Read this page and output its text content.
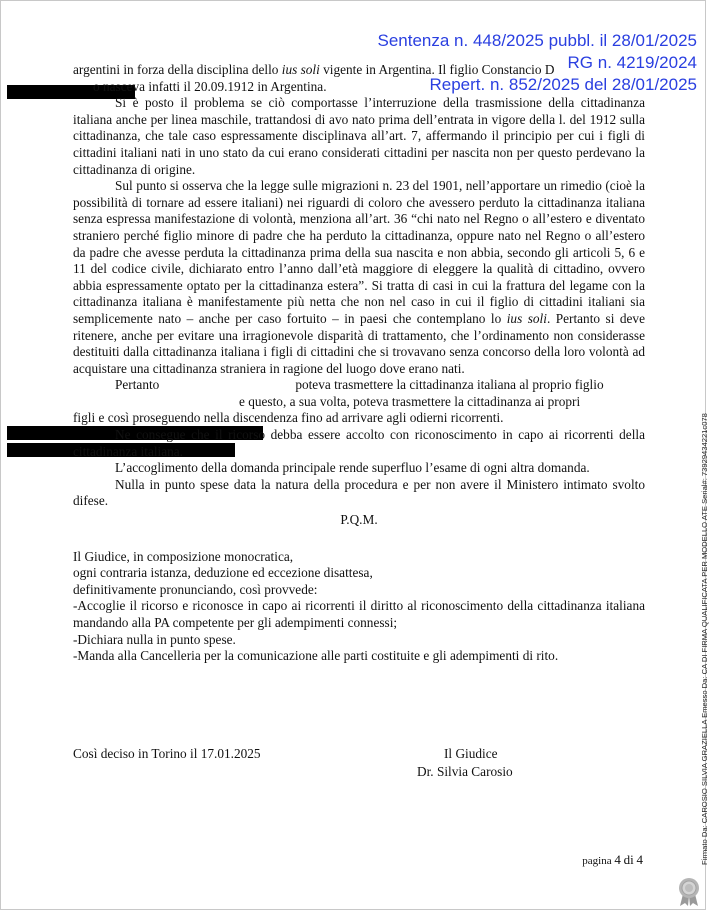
Sentenza n. 448/2025 pubbl. il 28/01/2025
RG n. 4219/2024
Repert. n. 852/2025 del 28/01/2025

argentini in forza della disciplina dello ius soli vigente in Argentina. Il figlio Constancio D
o nasceva infatti il 20.09.1912 in Argentina.

Si è posto il problema se ciò comportasse l’interruzione della trasmissione della cittadinanza italiana anche per linea maschile, trattandosi di avo nato prima dell’entrata in vigore della l. del 1912 sulla cittadinanza, che tale caso espressamente disciplinava all’art. 7, affermando il principio per cui i figli di cittadini italiani nati in uno stato da cui erano considerati cittadini per nascita non per questo perdevano la cittadinanza di origine.

Sul punto si osserva che la legge sulle migrazioni n. 23 del 1901, nell’apportare un rimedio (cioè la possibilità di tornare ad essere italiani) nei riguardi di coloro che avessero perduto la cittadinanza italiana senza espressa manifestazione di volontà, menziona all’art. 36 “chi nato nel Regno o all’estero e diventato straniero perché figlio minore di padre che ha perduto la cittadinanza, oppure nato nel Regno o all’estero da padre che avesse perduta la cittadinanza prima della sua nascita e non abbia, secondo gli articoli 5, 6 e 11 del codice civile, dichiarato entro l’anno dall’età maggiore di eleggere la qualità di cittadino, ovvero abbia espressamente optato per la cittadinanza estera”. Si tratta di casi in cui la frattura del legame con la cittadinanza italiana è manifestamente più netta che non nel caso in cui il figlio di cittadini italiani sia semplicemente nato – anche per caso fortuito – in paesi che contemplano lo ius soli. Pertanto si deve ritenere, anche per evitare una irragionevole disparità di trattamento, che l’ordinamento non considerasse destituiti dalla cittadinanza italiana i figli di cittadini che si trovavano senza concorso della loro volontà ad acquistare una cittadinanza straniera in ragione del luogo dove erano nati.

Pertanto	poteva trasmettere la cittadinanza italiana al proprio figlio
e questo, a sua volta, poteva trasmettere la cittadinanza ai propri
figli e così proseguendo nella discendenza fino ad arrivare agli odierni ricorrenti.

Ne consegue che il ricorso debba essere accolto con riconoscimento in capo ai ricorrenti della cittadinanza italiana.

L’accoglimento della domanda principale rende superfluo l’esame di ogni altra domanda.

Nulla in punto spese data la natura della procedura e per non avere il Ministero intimato svolto difese.

P.Q.M.

Il Giudice, in composizione monocratica,

ogni contraria istanza, deduzione ed eccezione disattesa,

definitivamente pronunciando, così provvede:

-Accoglie il ricorso e riconosce in capo ai ricorrenti il diritto al riconoscimento della cittadinanza italiana mandando alla PA competente per gli adempimenti connessi;

-Dichiara nulla in punto spese.

-Manda alla Cancelleria per la comunicazione alle parti costituite e gli adempimenti di rito.

Così deciso in Torino il 17.01.2025	Il Giudice
Dr. Silvia Carosio
pagina 4 di 4	Firmato Da: CAROSIO SILVIA GRAZIELLA Emesso Da: CA DI FIRMA QUALIFICATA PER MODELLO ATE Serial#: 73929434221c078
